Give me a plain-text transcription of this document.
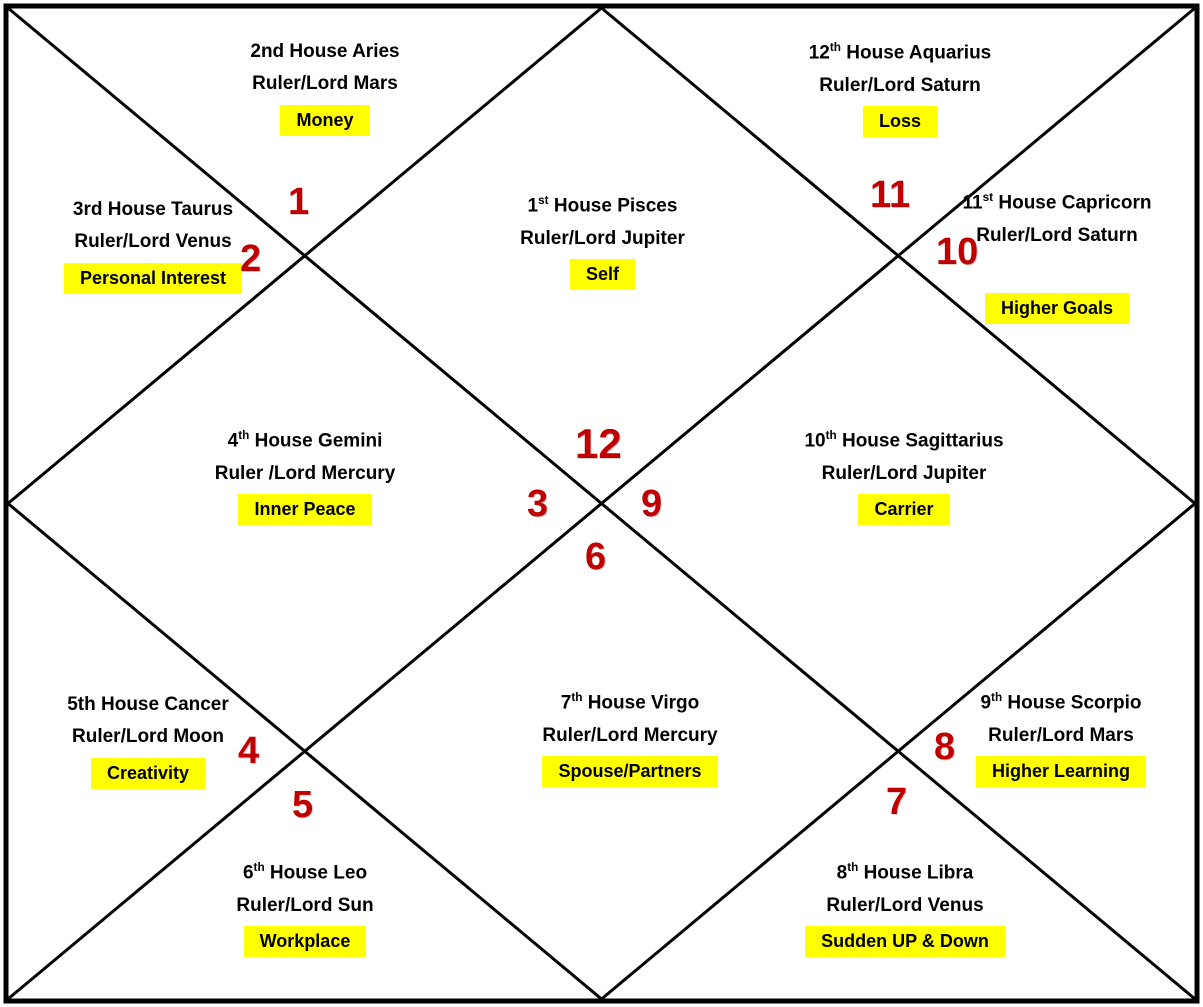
2nd House Aries
Ruler/Lord Mars
Money
12th House Aquarius
Ruler/Lord Saturn
Loss
3rd House Taurus
Ruler/Lord Venus
Personal Interest
1st House Pisces
Ruler/Lord Jupiter
Self
11st House Capricorn
Ruler/Lord Saturn
Higher Goals
4th House Gemini
Ruler /Lord Mercury
Inner Peace
10th House Sagittarius
Ruler/Lord Jupiter
Carrier
5th House Cancer
Ruler/Lord Moon
Creativity
7th House Virgo
Ruler/Lord Mercury
Spouse/Partners
9th House Scorpio
Ruler/Lord Mars
Higher Learning
6th House Leo
Ruler/Lord Sun
Workplace
8th House Libra
Ruler/Lord Venus
Sudden UP & Down
1
2
11
10
12
3 9
6
4
5
8
7
